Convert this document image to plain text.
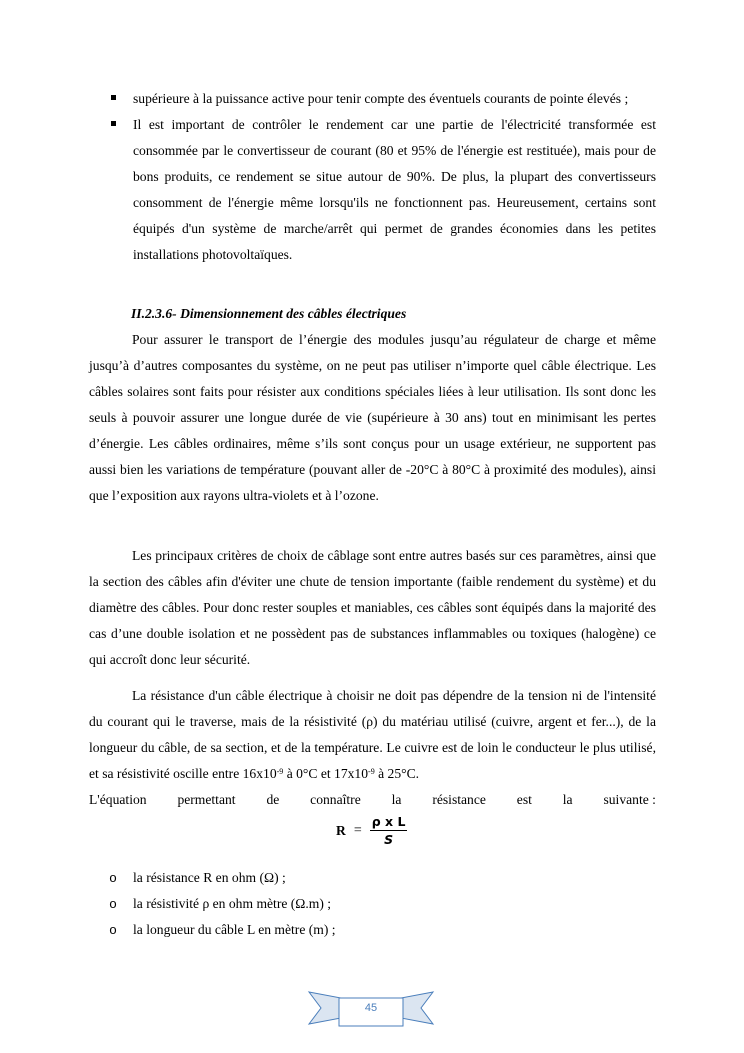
supérieure à la puissance active pour tenir compte des éventuels courants de pointe élevés ;
Il est important de contrôler le rendement car une partie de l'électricité transformée est consommée par le convertisseur de courant (80 et 95% de l'énergie est restituée), mais pour de bons produits, ce rendement se situe autour de 90%. De plus, la plupart des convertisseurs consomment de l'énergie même lorsqu'ils ne fonctionnent pas. Heureusement, certains sont équipés d'un système de marche/arrêt qui permet de grandes économies dans les petites installations photovoltaïques.
II.2.3.6- Dimensionnement des câbles électriques

Pour assurer le transport de l’énergie des modules jusqu’au régulateur de charge et même jusqu’à d’autres composantes du système, on ne peut pas utiliser n’importe quel câble électrique. Les câbles solaires sont faits pour résister aux conditions spéciales liées à leur utilisation. Ils sont donc les seuls à pouvoir assurer une longue durée de vie (supérieure à 30 ans) tout en minimisant les pertes d’énergie. Les câbles ordinaires, même s’ils sont conçus pour un usage extérieur, ne supportent pas aussi bien les variations de température (pouvant aller de -20°C à 80°C à proximité des modules), ainsi que l’exposition aux rayons ultra-violets et à l’ozone.

Les principaux critères de choix de câblage sont entre autres basés sur ces paramètres, ainsi que la section des câbles afin d'éviter une chute de tension importante (faible rendement du système) et du diamètre des câbles. Pour donc rester souples et maniables, ces câbles sont équipés dans la majorité des cas d’une double isolation et ne possèdent pas de substances inflammables ou toxiques (halogène) ce qui accroît donc leur sécurité.

La résistance d'un câble électrique à choisir ne doit pas dépendre de la tension ni de l'intensité du courant qui le traverse, mais de la résistivité (ρ) du matériau utilisé (cuivre, argent et fer...), de la longueur du câble, de sa section, et de la température. Le cuivre est de loin le conducteur le plus utilisé, et sa résistivité oscille entre $16x10^{-9}$ à 0°C et $17x10^{-9}$ à 25°C.
L'équation permettant de connaître la résistance est la suivante :
$R = \frac{\text{ρ x L}}{S}$
o la résistance R en ohm (Ω) ;
o la résistivité ρ en ohm mètre (Ω.m) ;
o la longueur du câble L en mètre (m) ;
45
